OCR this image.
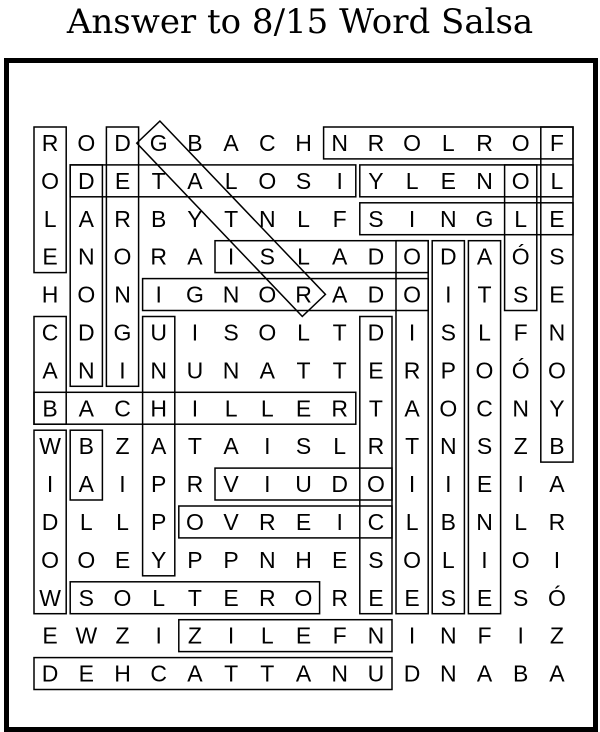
Answer to 8/15 Word Salsa
R O D G B A C H N R O L R O F
O D E T A L O S I Y L E N O L
L A R B Y T N L F S I N G L E
E N O R A I S L A D O D A Ó S
H O N I G N O R A D O I T S E
C D G U I S O L T D I S L F N
A N I N U N A T T E R P O Ó O
B A C H I L L E R T A O C N Y
W B Z A T A I S L R T N S Z B
I A I P R V I U D O I I E I A
D L L P O V R E I C L B N L R
O O E Y P P N H E S O L I O I
W S O L T E R O R E E S E S Ó
E W Z I Z I L E F N I N F I Z
D E H C A T T A N U D N A B A
